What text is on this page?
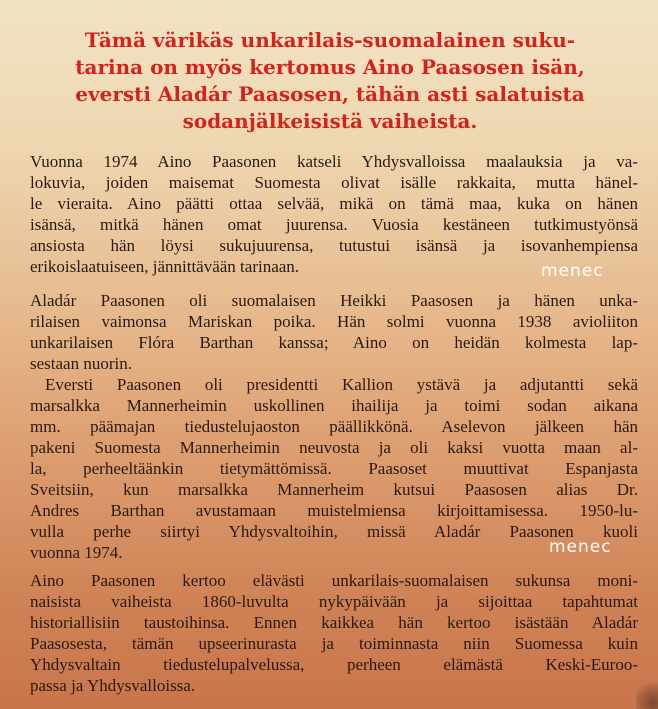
Tämä värikäs unkarilais-suomalainen suku-
tarina on myös kertomus Aino Paasosen isän,
eversti Aladár Paasosen, tähän asti salatuista
sodanjälkeisistä vaiheista.
Vuonna 1974 Aino Paasonen katseli Yhdysvalloissa maalauksia ja va-
lokuvia, joiden maisemat Suomesta olivat isälle rakkaita, mutta hänel-
le vieraita. Aino päätti ottaa selvää, mikä on tämä maa, kuka on hänen
isänsä, mitkä hänen omat juurensa. Vuosia kestäneen tutkimustyönsä
ansiosta hän löysi sukujuurensa, tutustui isänsä ja isovanhempiensa
erikoislaatuiseen, jännittävään tarinaan.
Aladár Paasonen oli suomalaisen Heikki Paasosen ja hänen unka-
rilaisen vaimonsa Mariskan poika. Hän solmi vuonna 1938 avioliiton
unkarilaisen Flóra Barthan kanssa; Aino on heidän kolmesta lap-
sestaan nuorin.
Eversti Paasonen oli presidentti Kallion ystävä ja adjutantti sekä
marsalkka Mannerheimin uskollinen ihailija ja toimi sodan aikana
mm. päämajan tiedustelujaoston päällikkönä. Aselevon jälkeen hän
pakeni Suomesta Mannerheimin neuvosta ja oli kaksi vuotta maan al-
la, perheeltäänkin tietymättömissä. Paasoset muuttivat Espanjasta
Sveitsiin, kun marsalkka Mannerheim kutsui Paasosen alias Dr.
Andres Barthan avustamaan muistelmiensa kirjoittamisessa. 1950-lu-
vulla perhe siirtyi Yhdysvaltoihin, missä Aladár Paasonen kuoli
vuonna 1974.
Aino Paasonen kertoo elävästi unkarilais-suomalaisen sukunsa moni-
naisista vaiheista 1860-luvulta nykypäivään ja sijoittaa tapahtumat
historiallisiin taustoihinsa. Ennen kaikkea hän kertoo isästään Aladár
Paasosesta, tämän upseerinurasta ja toiminnasta niin Suomessa kuin
Yhdysvaltain tiedustelupalvelussa, perheen elämästä Keski-Euroo-
passa ja Yhdysvalloissa.
menec
menec
